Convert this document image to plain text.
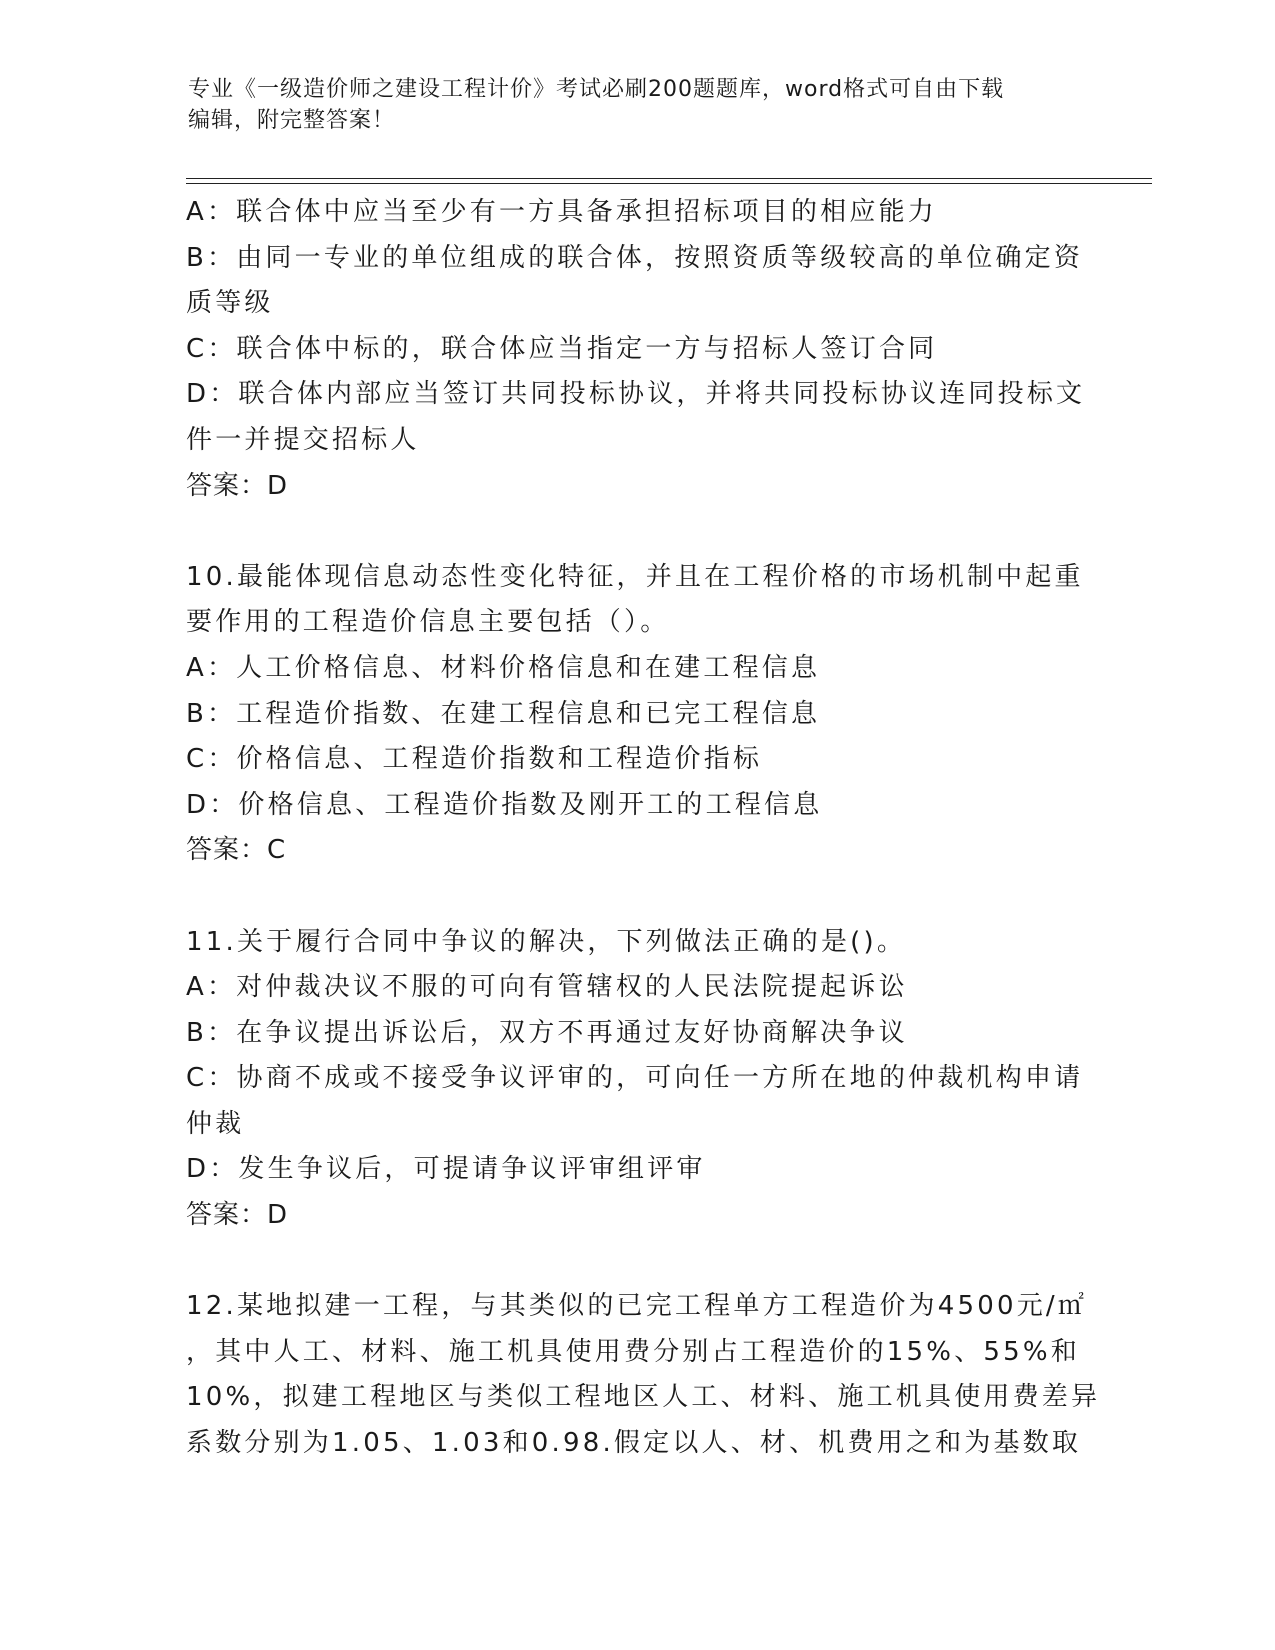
专业《一级造价师之建设工程计价》考试必刷200题题库，word格式可自由下载
编辑，附完整答案！
A：联合体中应当至少有一方具备承担招标项目的相应能力
B：由同一专业的单位组成的联合体，按照资质等级较高的单位确定资
质等级
C：联合体中标的，联合体应当指定一方与招标人签订合同
D：联合体内部应当签订共同投标协议，并将共同投标协议连同投标文
件一并提交招标人
答案：D
10.最能体现信息动态性变化特征，并且在工程价格的市场机制中起重
要作用的工程造价信息主要包括（）。
A：人工价格信息、材料价格信息和在建工程信息
B：工程造价指数、在建工程信息和已完工程信息
C：价格信息、工程造价指数和工程造价指标
D：价格信息、工程造价指数及刚开工的工程信息
答案：C
11.关于履行合同中争议的解决，下列做法正确的是()。
A：对仲裁决议不服的可向有管辖权的人民法院提起诉讼
B：在争议提出诉讼后，双方不再通过友好协商解决争议
C：协商不成或不接受争议评审的，可向任一方所在地的仲裁机构申请
仲裁
D：发生争议后，可提请争议评审组评审
答案：D
12.某地拟建一工程，与其类似的已完工程单方工程造价为4500元/㎡
，其中人工、材料、施工机具使用费分别占工程造价的15%、55%和
10%，拟建工程地区与类似工程地区人工、材料、施工机具使用费差异
系数分别为1.05、1.03和0.98.假定以人、材、机费用之和为基数取
